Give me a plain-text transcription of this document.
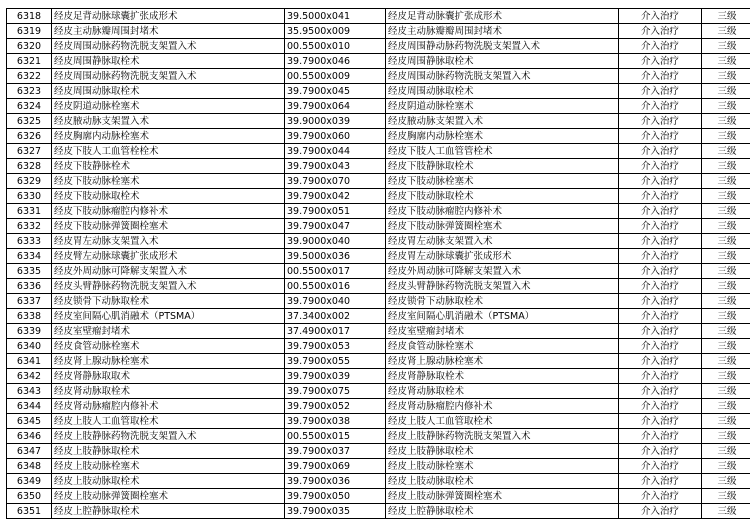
6318	经皮足背动脉球囊扩张成形术	39.5000x041	经皮足背动脉囊扩张成形术	介入治疗	三级
6319	经皮主动脉瓣周围封堵术	35.9500x009	经皮主动脉瓣瓣周围封堵术	介入治疗	三级
6320	经皮周围动脉药物洗脱支架置入术	00.5500x010	经皮周围静动脉药物洗脱支架置入术	介入治疗	三级
6321	经皮周围静脉取栓术	39.7900x046	经皮周围静脉取栓术	介入治疗	三级
6322	经皮周围动脉药物洗脱支架置入术	00.5500x009	经皮周围动脉药物洗脱支架置入术	介入治疗	三级
6323	经皮周围动脉取栓术	39.7900x045	经皮周围动脉取栓术	介入治疗	三级
6324	经皮阴道动脉栓塞术	39.7900x064	经皮阴道动脉栓塞术	介入治疗	三级
6325	经皮腋动脉支架置入术	39.9000x039	经皮腋动脉支架置入术	介入治疗	三级
6326	经皮胸廓内动脉栓塞术	39.7900x060	经皮胸廓内动脉栓塞术	介入治疗	三级
6327	经皮下肢人工血管栓栓术	39.7900x044	经皮下肢人工血管管栓术	介入治疗	三级
6328	经皮下肢静脉栓术	39.7900x043	经皮下肢静脉取栓术	介入治疗	三级
6329	经皮下肢动脉栓塞术	39.7900x070	经皮下肢动脉栓塞术	介入治疗	三级
6330	经皮下肢动脉取栓术	39.7900x042	经皮下肢动脉取栓术	介入治疗	三级
6331	经皮下肢动脉瘤腔内修补术	39.7900x051	经皮下肢动脉瘤腔内修补术	介入治疗	三级
6332	经皮下肢动脉弹簧圈栓塞术	39.7900x047	经皮下肢动脉弹簧圈栓塞术	介入治疗	三级
6333	经皮胃左动脉支架置入术	39.9000x040	经皮胃左动脉支架置入术	介入治疗	三级
6334	经皮臂左动脉球囊扩张成形术	39.5000x036	经皮胃左动脉球囊扩张成形术	介入治疗	三级
6335	经皮外周动脉可降解支架置入术	00.5500x017	经皮外周动脉可降解支架置入术	介入治疗	三级
6336	经皮头臂静脉药物洗脱支架置入术	00.5500x016	经皮头臂静脉药物洗脱支架置入术	介入治疗	三级
6337	经皮锁骨下动脉取栓术	39.7900x040	经皮锁骨下动脉取栓术	介入治疗	三级
6338	经皮室间隔心肌消融术（PTSMA）	37.3400x002	经皮室间隔心肌消融术（PTSMA）	介入治疗	三级
6339	经皮室壁瘤封堵术	37.4900x017	经皮室壁瘤封堵术	介入治疗	三级
6340	经皮食管动脉栓塞术	39.7900x053	经皮食管动脉栓塞术	介入治疗	三级
6341	经皮肾上腺动脉栓塞术	39.7900x055	经皮肾上腺动脉栓塞术	介入治疗	三级
6342	经皮肾静脉取取术	39.7900x039	经皮肾静脉取栓术	介入治疗	三级
6343	经皮肾动脉取栓术	39.7900x075	经皮肾动脉取栓术	介入治疗	三级
6344	经皮肾动脉瘤腔内修补术	39.7900x052	经皮肾动脉瘤腔内修补术	介入治疗	三级
6345	经皮上肢人工血管取栓术	39.7900x038	经皮上肢人工血管取栓术	介入治疗	三级
6346	经皮上肢静脉药物洗脱支架置入术	00.5500x015	经皮上肢静脉药物洗脱支架置入术	介入治疗	三级
6347	经皮上肢静脉取栓术	39.7900x037	经皮上肢静脉取栓术	介入治疗	三级
6348	经皮上肢动脉栓塞术	39.7900x069	经皮上肢动脉栓塞术	介入治疗	三级
6349	经皮上肢动脉取栓术	39.7900x036	经皮上肢动脉取栓术	介入治疗	三级
6350	经皮上肢动脉弹簧圈栓塞术	39.7900x050	经皮上肢动脉弹簧圈栓塞术	介入治疗	三级
6351	经皮上腔静脉取栓术	39.7900x035	经皮上腔静脉取栓术	介入治疗	三级
